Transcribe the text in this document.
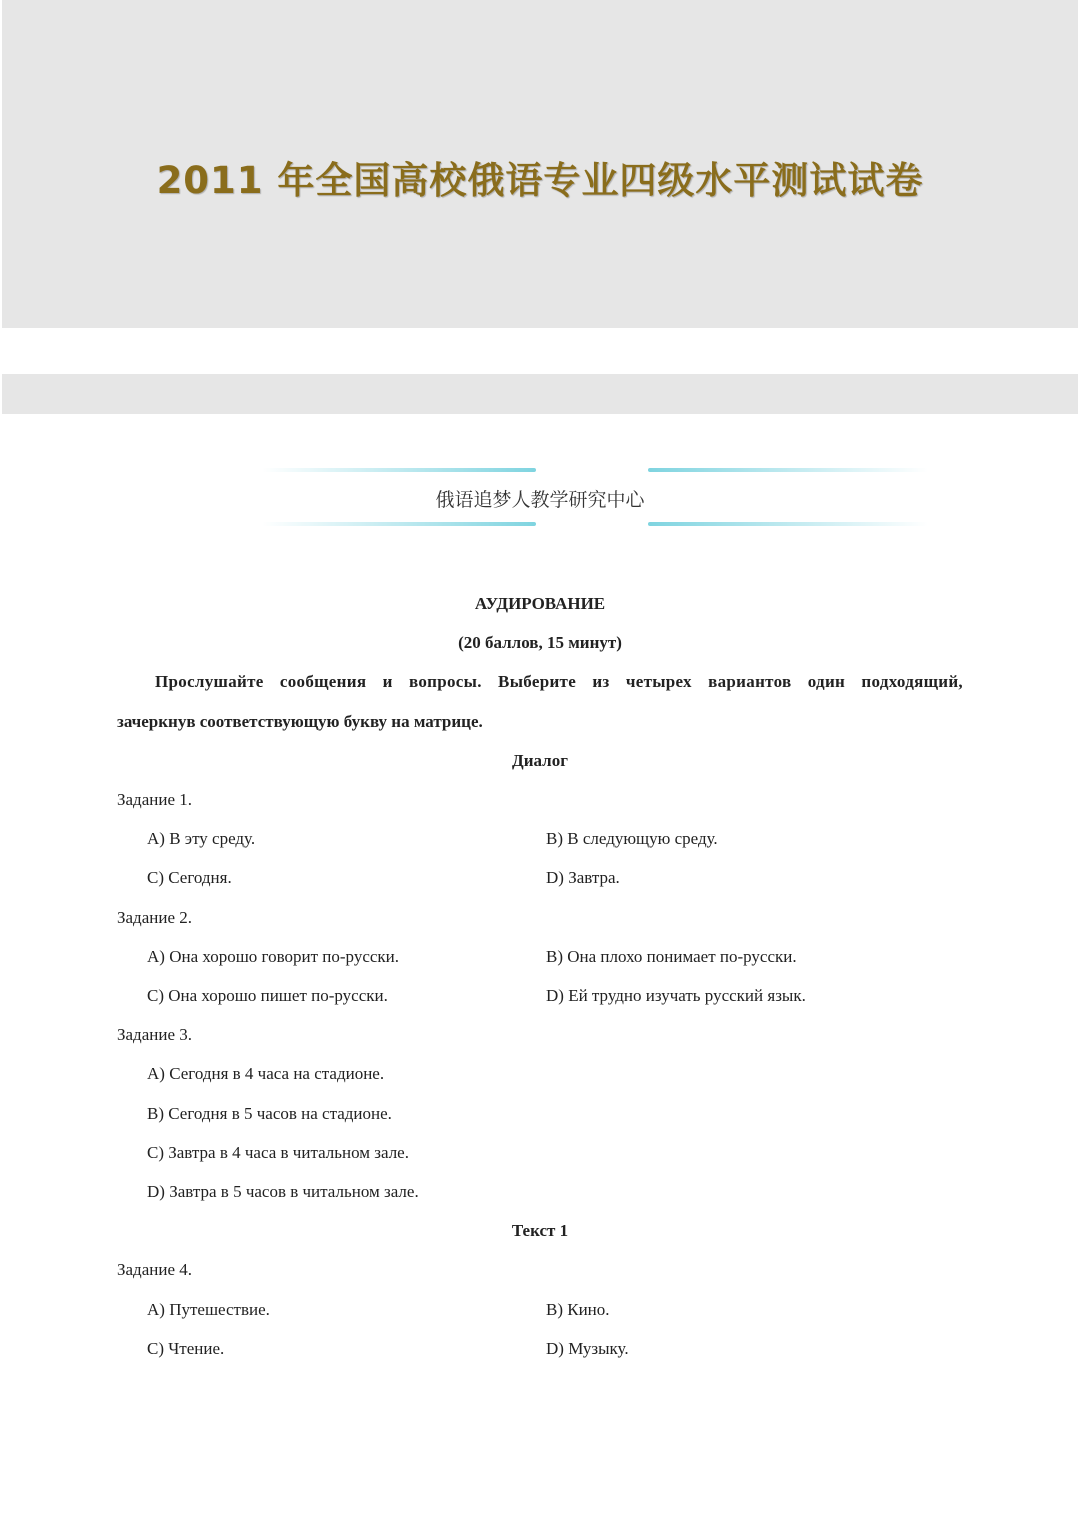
2011 年全国高校俄语专业四级水平测试试卷
俄语追梦人教学研究中心
АУДИРОВАНИЕ
(20 баллов, 15 минут)
Прослушайте сообщения и вопросы. Выберите из четырех вариантов один подходящий,
зачеркнув соответствующую букву на матрице.
Диалог
Задание 1.
A) В эту среду.	B) В следующую среду.
C) Сегодня.	D) Завтра.
Задание 2.
A) Она хорошо говорит по-русски.	B) Она плохо понимает по-русски.
C) Она хорошо пишет по-русски.	D) Ей трудно изучать русский язык.
Задание 3.
A) Сегодня в 4 часа на стадионе.
B) Сегодня в 5 часов на стадионе.
C) Завтра в 4 часа в читальном зале.
D) Завтра в 5 часов в читальном зале.
Текст 1
Задание 4.
A) Путешествие.	B) Кино.
C) Чтение.	D) Музыку.
